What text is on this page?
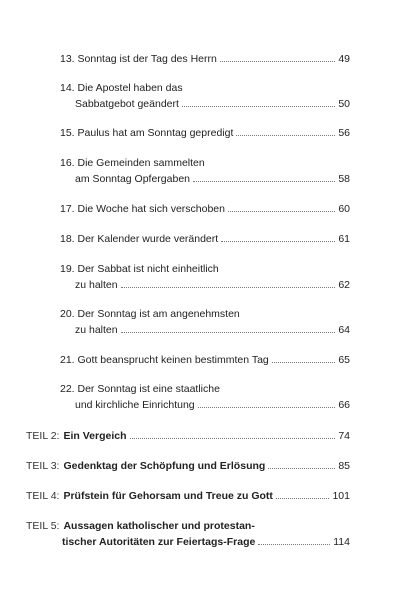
13. Sonntag ist der Tag des Herrn	49
14. Die Apostel haben das
Sabbatgebot geändert	50
15. Paulus hat am Sonntag gepredigt	56
16. Die Gemeinden sammelten
am Sonntag Opfergaben	58
17. Die Woche hat sich verschoben	60
18. Der Kalender wurde verändert	61
19. Der Sabbat ist nicht einheitlich
zu halten	62
20. Der Sonntag ist am angenehmsten
zu halten	64
21. Gott beansprucht keinen bestimmten Tag	65
22. Der Sonntag ist eine staatliche
und kirchliche Einrichtung	66
TEIL 2: Ein Vergeich	74
TEIL 3: Gedenktag der Schöpfung und Erlösung	85
TEIL 4: Prüfstein für Gehorsam und Treue zu Gott	101
TEIL 5: Aussagen katholischer und protestan-
tischer Autoritäten zur Feiertags-Frage	114
